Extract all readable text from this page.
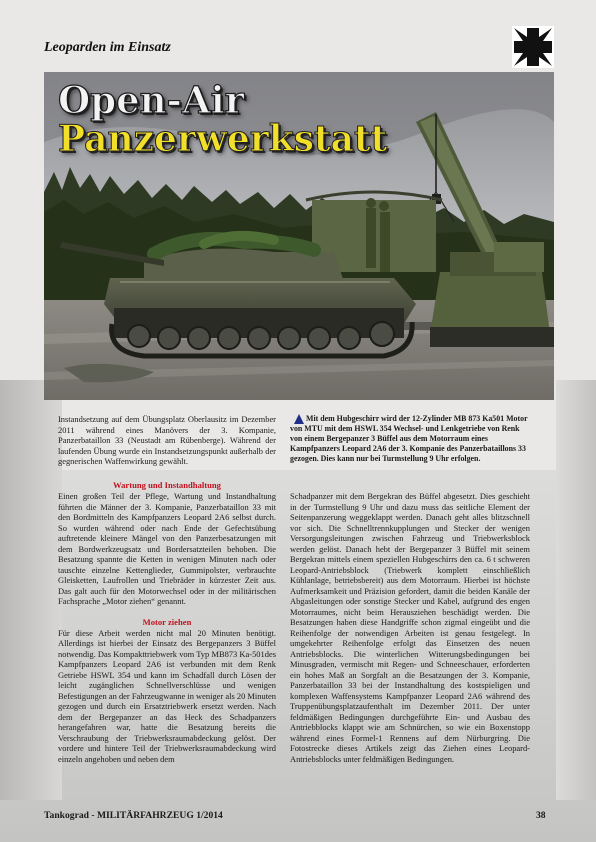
Leoparden im Einsatz
Open-Air
Panzerwerkstatt
Mit dem Hubgeschirr wird der 12-Zylinder MB 873 Ka501 Motor von MTU mit dem HSWL 354 Wechsel- und Lenkgetriebe von Renk von einem Bergepanzer 3 Büffel aus dem Motorraum eines Kampfpanzers Leopard 2A6 der 3. Kompanie des Panzerbataillons 33 gezogen. Dies kann nur bei Turmstellung 9 Uhr erfolgen.
Instandsetzung auf dem Übungsplatz Oberlausitz im Dezember 2011 während eines Manövers der 3. Kompanie, Panzerbataillon 33 (Neustadt am Rübenberge). Während der laufenden Übung wurde ein Instandsetzungspunkt außerhalb der gegnerischen Waffenwirkung gewählt.
Wartung und Instandhaltung
Einen großen Teil der Pflege, Wartung und Instandhaltung führten die Männer der 3. Kompanie, Panzerbataillon 33 mit den Bordmitteln des Kampfpanzers Leopard 2A6 selbst durch. So wurden während oder nach Ende der Gefechtsübung auftretende kleinere Mängel von den Panzerbesatzungen mit dem Bordwerkzeugsatz und Bordersatzteilen behoben. Die Besatzung spannte die Ketten in wenigen Minuten nach oder tauschte einzelne Kettenglieder, Gummipolster, verbrauchte Gleisketten, Laufrollen und Triebräder in kürzester Zeit aus. Das galt auch für den Motorwechsel oder in der militärischen Fachsprache „Motor ziehen“ genannt.
Motor ziehen
Für diese Arbeit werden nicht mal 20 Minuten benötigt. Allerdings ist hierbei der Einsatz des Bergepanzers 3 Büffel notwendig. Das Kompakttriebwerk vom Typ MB873 Ka-501des Kampfpanzers Leopard 2A6 ist verbunden mit dem Renk Getriebe HSWL 354 und kann im Schadfall durch Lösen der leicht zugänglichen Schnellverschlüsse und wenigen Befestigungen an der Fahrzeugwanne in weniger als 20 Minuten gezogen und durch ein Ersatztriebwerk ersetzt werden. Nach dem der Bergepanzer an das Heck des Schadpanzers herangefahren war, hatte die Besatzung bereits die Verschraubung der Triebwerksraumabdeckung gelöst. Der vordere und hintere Teil der Triebwerksraumabdeckung wird einzeln angehoben und neben dem
Schadpanzer mit dem Bergekran des Büffel abgesetzt. Dies geschieht in der Turmstellung 9 Uhr und dazu muss das seitliche Element der Seitenpanzerung weggeklappt werden. Danach geht alles blitzschnell vor sich. Die Schnelltrennkupplungen und Stecker der wenigen Versorgungsleitungen zwischen Fahrzeug und Triebwerksblock werden gelöst. Danach hebt der Bergepanzer 3 Büffel mit seinem Bergekran mittels einem speziellen Hubgeschirrs den ca. 6 t schweren Leopard-Antriebsblock (Triebwerk komplett einschließlich Kühlanlage, betriebsbereit) aus dem Motorraum. Hierbei ist höchste Aufmerksamkeit und Präzision gefordert, damit die beiden Kanäle der Abgasleitungen oder sonstige Stecker und Kabel, aufgrund des engen Motorraumes, nicht beim Herausziehen beschädigt werden. Die Besatzungen haben diese Handgriffe schon zigmal eingeübt und die Reihenfolge der notwendigen Arbeiten ist genau festgelegt. In umgekehrter Reihenfolge erfolgt das Einsetzen des neuen Antriebsblocks. Die winterlichen Witterungsbedingungen bei Minusgraden, vermischt mit Regen- und Schneeschauer, erforderten ein hohes Maß an Sorgfalt an die Besatzungen der 3. Kompanie, Panzerbataillon 33 bei der Instandhaltung des kostspieligen und komplexen Waffensystems Kampfpanzer Leopard 2A6 während des Truppenübungsplatzaufenthalt im Dezember 2011. Der unter feldmäßigen Bedingungen durchgeführte Ein- und Ausbau des Antriebblocks klappt wie am Schnürchen, so wie ein Boxenstopp während eines Formel-1 Rennens auf dem Nürburgring. Die Fotostrecke dieses Artikels zeigt das Ziehen eines Leopard-Antriebsblocks unter feldmäßigen Bedingungen.
Tankograd - MILITÄRFAHRZEUG 1/2014	38
